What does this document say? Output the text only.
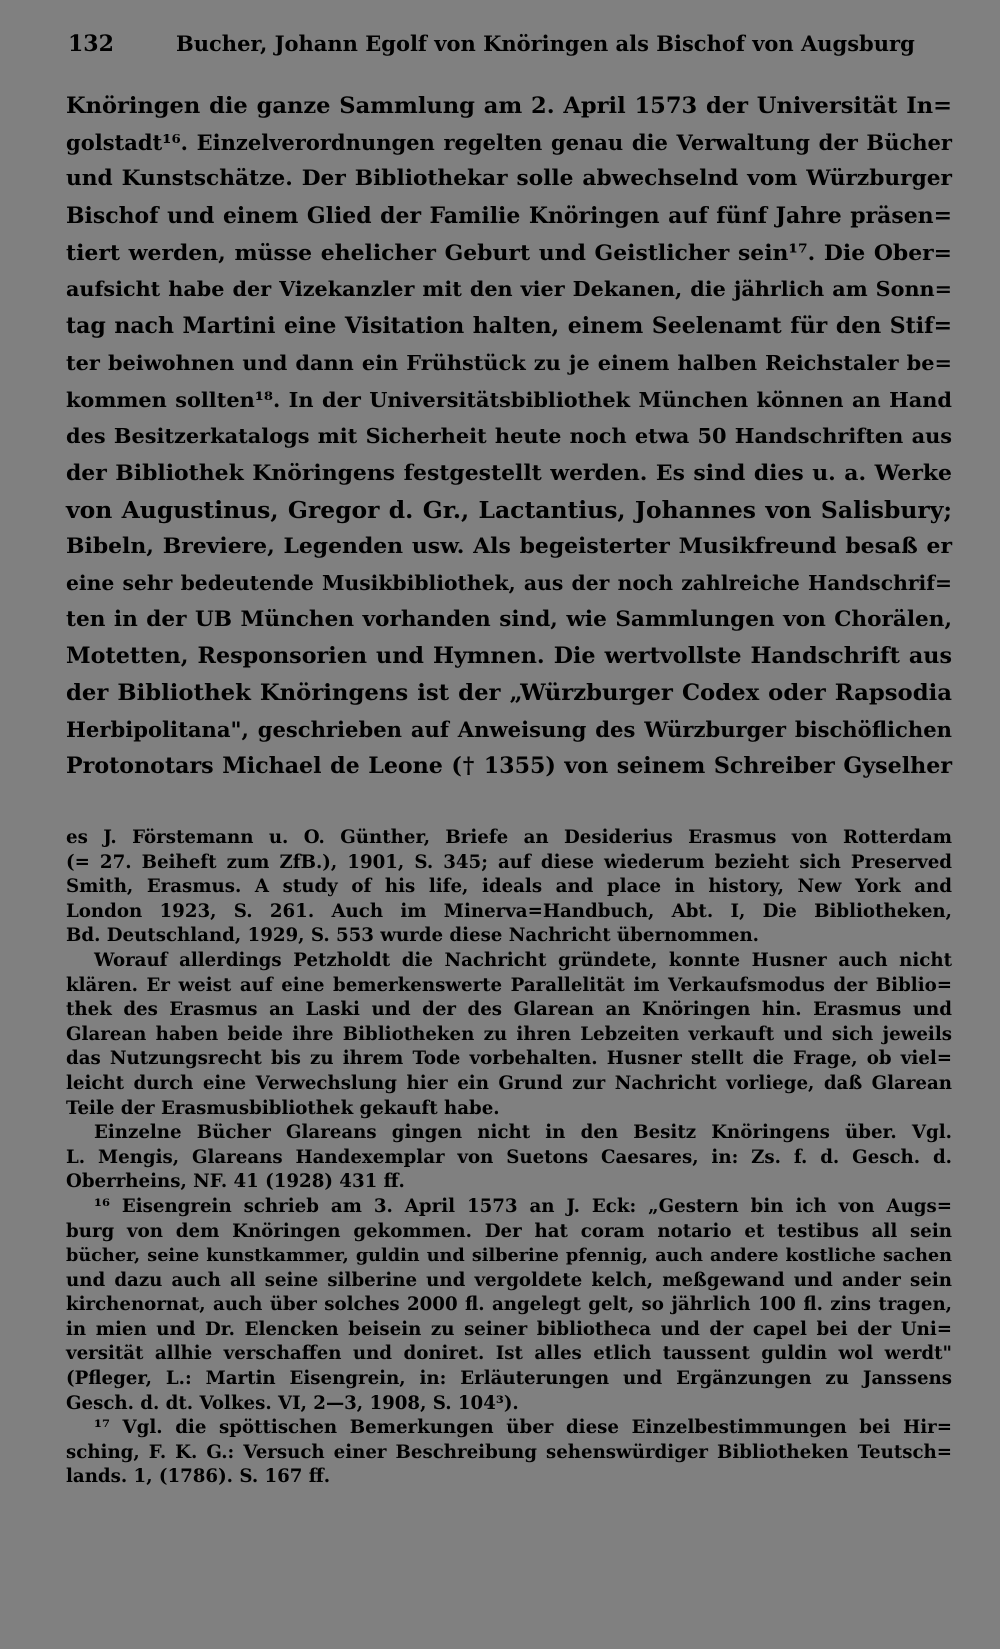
132	Bucher, Johann Egolf von Knöringen als Bischof von Augsburg
Knöringen die ganze Sammlung am 2. April 1573 der Universität In=
golstadt¹⁶. Einzelverordnungen regelten genau die Verwaltung der Bücher
und Kunstschätze. Der Bibliothekar solle abwechselnd vom Würzburger
Bischof und einem Glied der Familie Knöringen auf fünf Jahre präsen=
tiert werden, müsse ehelicher Geburt und Geistlicher sein¹⁷. Die Ober=
aufsicht habe der Vizekanzler mit den vier Dekanen, die jährlich am Sonn=
tag nach Martini eine Visitation halten, einem Seelenamt für den Stif=
ter beiwohnen und dann ein Frühstück zu je einem halben Reichstaler be=
kommen sollten¹⁸. In der Universitätsbibliothek München können an Hand
des Besitzerkatalogs mit Sicherheit heute noch etwa 50 Handschriften aus
der Bibliothek Knöringens festgestellt werden. Es sind dies u. a. Werke
von Augustinus, Gregor d. Gr., Lactantius, Johannes von Salisbury;
Bibeln, Breviere, Legenden usw. Als begeisterter Musikfreund besaß er
eine sehr bedeutende Musikbibliothek, aus der noch zahlreiche Handschrif=
ten in der UB München vorhanden sind, wie Sammlungen von Chorälen,
Motetten, Responsorien und Hymnen. Die wertvollste Handschrift aus
der Bibliothek Knöringens ist der „Würzburger Codex oder Rapsodia
Herbipolitana", geschrieben auf Anweisung des Würzburger bischöflichen
Protonotars Michael de Leone († 1355) von seinem Schreiber Gyselher
es J. Förstemann u. O. Günther, Briefe an Desiderius Erasmus von Rotterdam
(= 27. Beiheft zum ZfB.), 1901, S. 345; auf diese wiederum bezieht sich Preserved
Smith, Erasmus. A study of his life, ideals and place in history, New York and
London 1923, S. 261. Auch im Minerva=Handbuch, Abt. I, Die Bibliotheken,
Bd. Deutschland, 1929, S. 553 wurde diese Nachricht übernommen.
Worauf allerdings Petzholdt die Nachricht gründete, konnte Husner auch nicht
klären. Er weist auf eine bemerkenswerte Parallelität im Verkaufsmodus der Biblio=
thek des Erasmus an Laski und der des Glarean an Knöringen hin. Erasmus und
Glarean haben beide ihre Bibliotheken zu ihren Lebzeiten verkauft und sich jeweils
das Nutzungsrecht bis zu ihrem Tode vorbehalten. Husner stellt die Frage, ob viel=
leicht durch eine Verwechslung hier ein Grund zur Nachricht vorliege, daß Glarean
Teile der Erasmusbibliothek gekauft habe.
Einzelne Bücher Glareans gingen nicht in den Besitz Knöringens über. Vgl.
L. Mengis, Glareans Handexemplar von Suetons Caesares, in: Zs. f. d. Gesch. d.
Oberrheins, NF. 41 (1928) 431 ff.
¹⁶ Eisengrein schrieb am 3. April 1573 an J. Eck: „Gestern bin ich von Augs=
burg von dem Knöringen gekommen. Der hat coram notario et testibus all sein
bücher, seine kunstkammer, guldin und silberine pfennig, auch andere kostliche sachen
und dazu auch all seine silberine und vergoldete kelch, meßgewand und ander sein
kirchenornat, auch über solches 2000 fl. angelegt gelt, so jährlich 100 fl. zins tragen,
in mien und Dr. Elencken beisein zu seiner bibliotheca und der capel bei der Uni=
versität allhie verschaffen und doniret. Ist alles etlich taussent guldin wol werdt"
(Pfleger, L.: Martin Eisengrein, in: Erläuterungen und Ergänzungen zu Janssens
Gesch. d. dt. Volkes. VI, 2—3, 1908, S. 104³).
¹⁷ Vgl. die spöttischen Bemerkungen über diese Einzelbestimmungen bei Hir=
sching, F. K. G.: Versuch einer Beschreibung sehenswürdiger Bibliotheken Teutsch=
lands. 1, (1786). S. 167 ff.
